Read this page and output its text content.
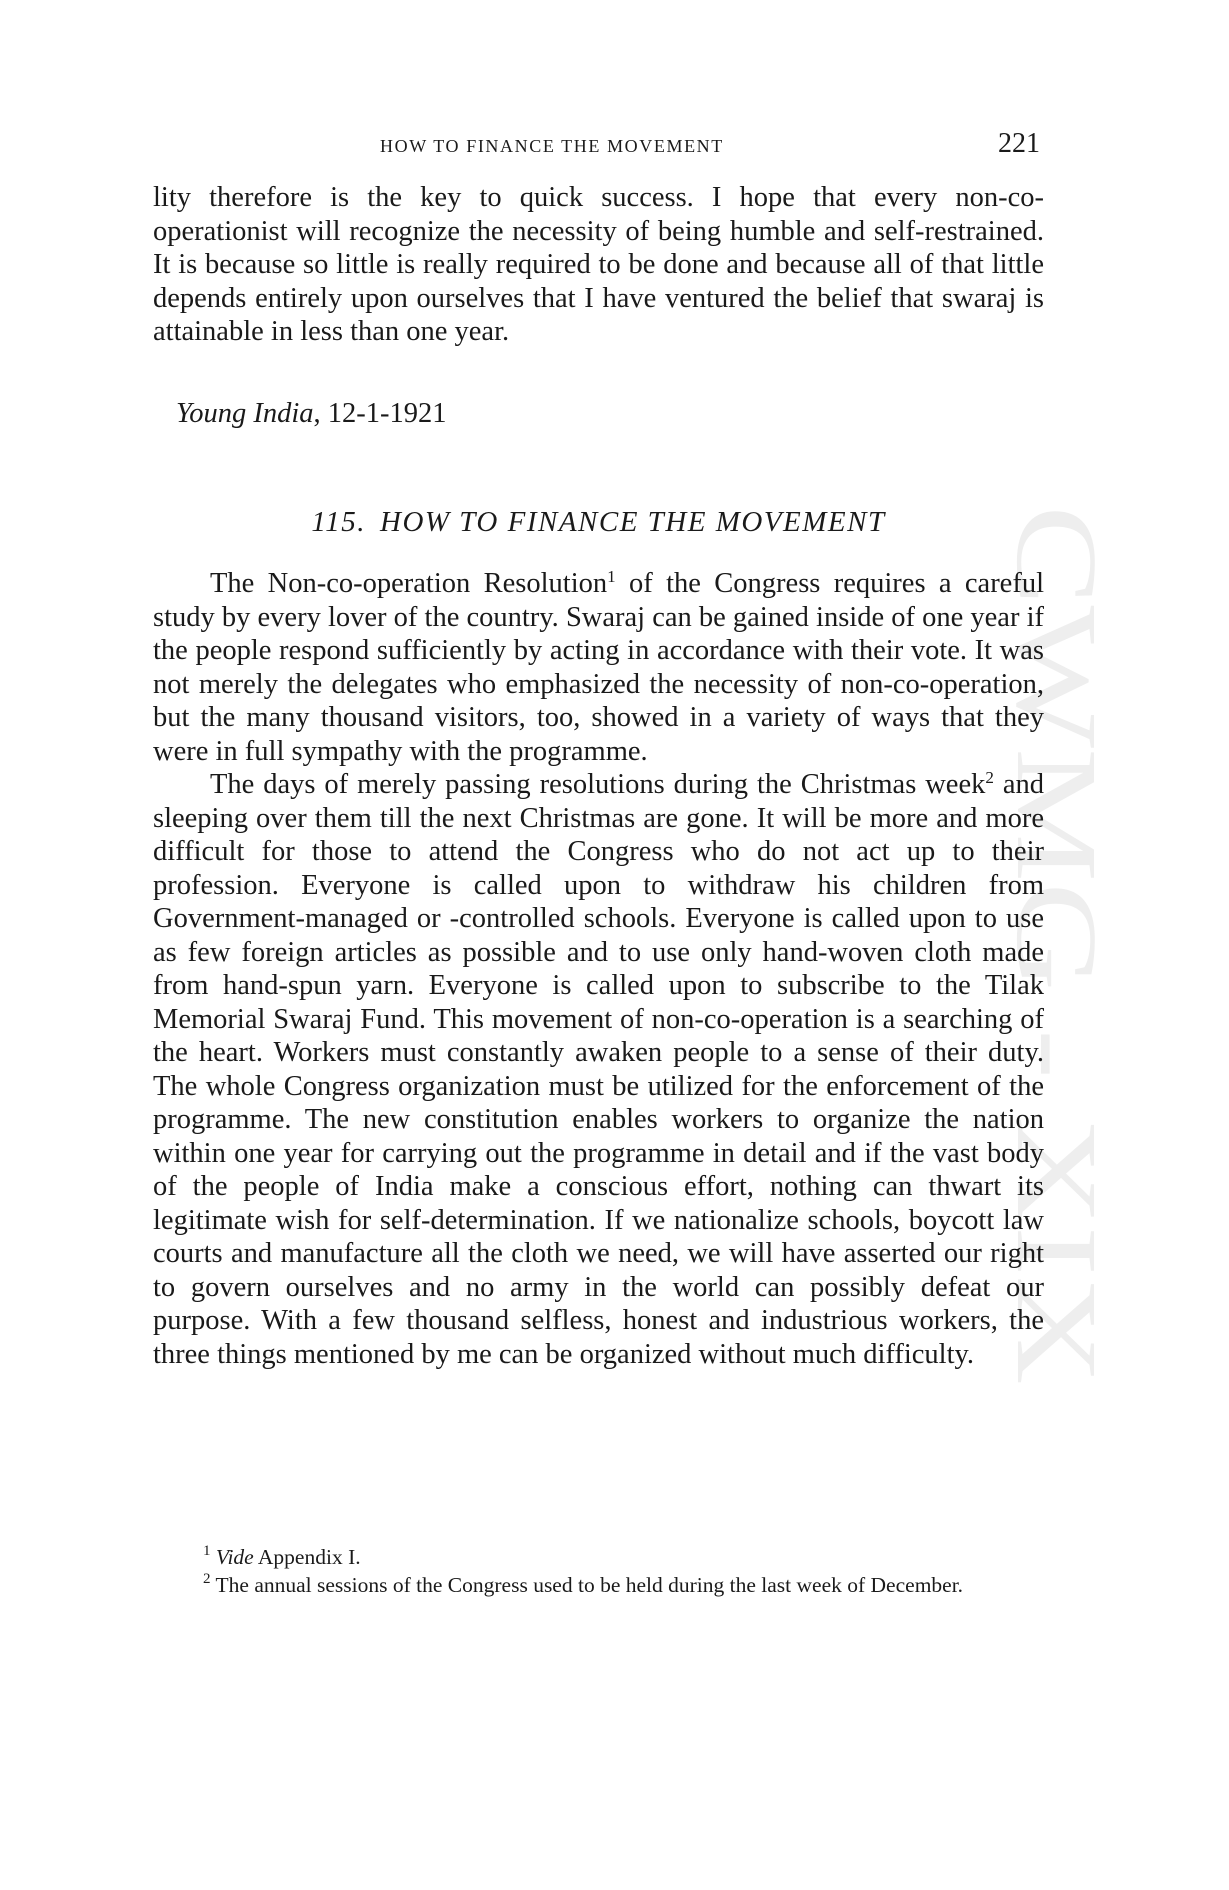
CWMG XIX
HOW TO FINANCE THE MOVEMENT	221

lity therefore is the key to quick success. I hope that every non-co-operationist will recognize the necessity of being humble and self-restrained. It is because so little is really required to be done and because all of that little depends entirely upon ourselves that I have ventured the belief that swaraj is attainable in less than one year.

Young India, 12-1-1921
115. HOW TO FINANCE THE MOVEMENT

The Non-co-operation Resolution$^1$ of the Congress requires a careful study by every lover of the country. Swaraj can be gained inside of one year if the people respond sufficiently by acting in accordance with their vote. It was not merely the delegates who emphasized the necessity of non-co-operation, but the many thousand visitors, too, showed in a variety of ways that they were in full sympathy with the programme.

The days of merely passing resolutions during the Christmas week$^2$ and sleeping over them till the next Christmas are gone. It will be more and more difficult for those to attend the Congress who do not act up to their profession. Everyone is called upon to withdraw his children from Government-managed or -controlled schools. Everyone is called upon to use as few foreign articles as possible and to use only hand-woven cloth made from hand-spun yarn. Everyone is called upon to subscribe to the Tilak Memorial Swaraj Fund. This movement of non-co-operation is a searching of the heart. Workers must constantly awaken people to a sense of their duty. The whole Congress organization must be utilized for the enforcement of the programme. The new constitution enables workers to organize the nation within one year for carrying out the programme in detail and if the vast body of the people of India make a conscious effort, nothing can thwart its legitimate wish for self-determination. If we nationalize schools, boycott law courts and manufacture all the cloth we need, we will have asserted our right to govern ourselves and no army in the world can possibly defeat our purpose. With a few thousand selfless, honest and industrious workers, the three things mentioned by me can be organized without much difficulty.

$^1$ Vide Appendix I.

$^2$ The annual sessions of the Congress used to be held during the last week of December.
